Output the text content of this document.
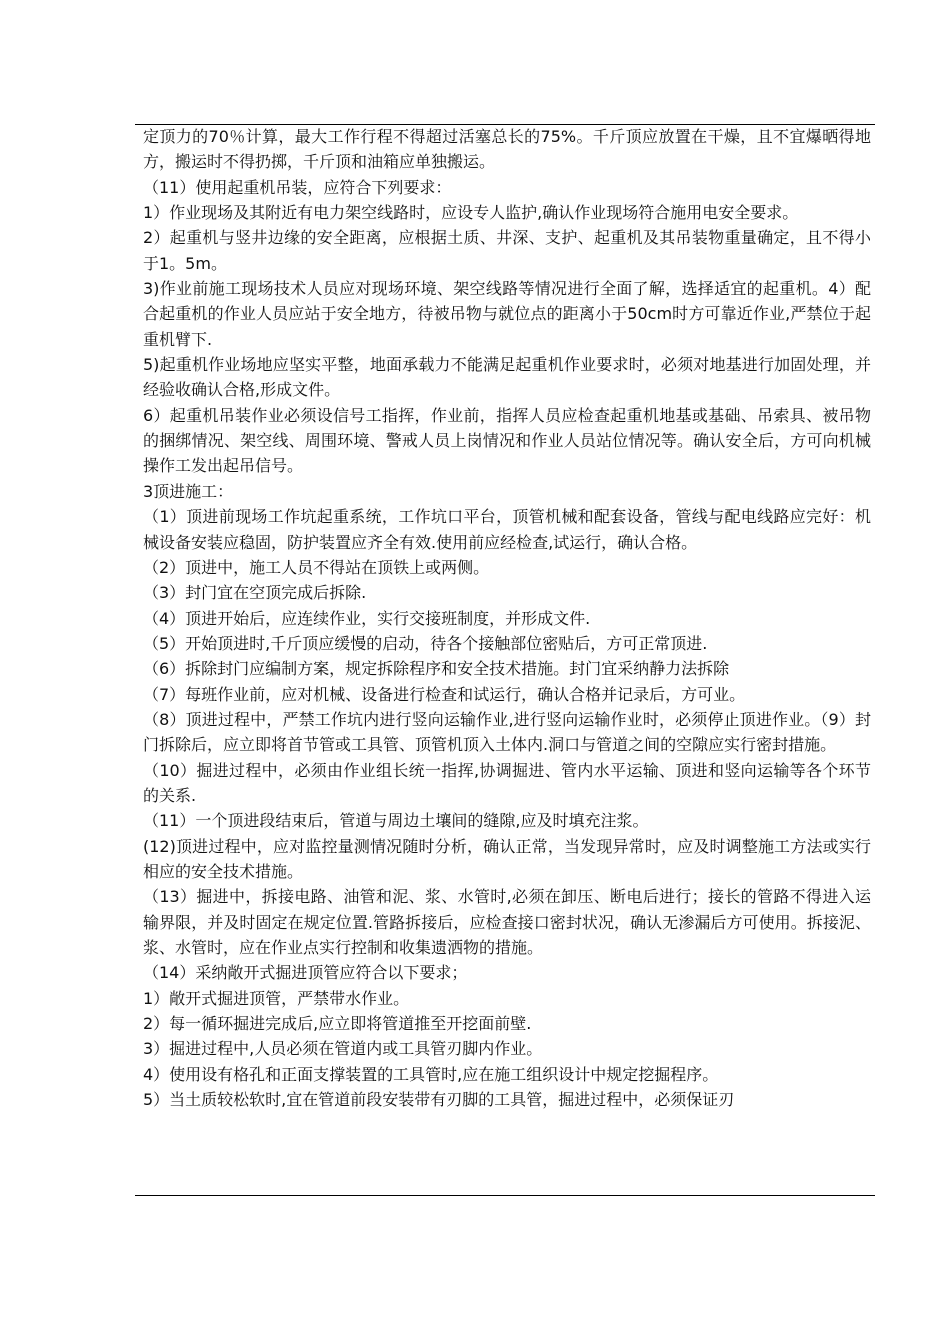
定顶力的70％计算，最大工作行程不得超过活塞总长的75%。千斤顶应放置在干燥，且不宜爆晒得地方，搬运时不得扔掷，千斤顶和油箱应单独搬运。

（11）使用起重机吊装，应符合下列要求：

1）作业现场及其附近有电力架空线路时，应设专人监护,确认作业现场符合施用电安全要求。

2）起重机与竖井边缘的安全距离，应根据土质、井深、支护、起重机及其吊装物重量确定，且不得小于1。5m。

3)作业前施工现场技术人员应对现场环境、架空线路等情况进行全面了解，选择适宜的起重机。4）配合起重机的作业人员应站于安全地方，待被吊物与就位点的距离小于50cm时方可靠近作业,严禁位于起重机臂下.

5)起重机作业场地应坚实平整，地面承载力不能满足起重机作业要求时，必须对地基进行加固处理，并经验收确认合格,形成文件。

6）起重机吊装作业必须设信号工指挥，作业前，指挥人员应检查起重机地基或基础、吊索具、被吊物的捆绑情况、架空线、周围环境、警戒人员上岗情况和作业人员站位情况等。确认安全后，方可向机械操作工发出起吊信号。

3顶进施工：

（1）顶进前现场工作坑起重系统，工作坑口平台，顶管机械和配套设备，管线与配电线路应完好：机械设备安装应稳固，防护装置应齐全有效.使用前应经检查,试运行，确认合格。

（2）顶进中，施工人员不得站在顶铁上或两侧。

（3）封门宜在空顶完成后拆除.

（4）顶进开始后，应连续作业，实行交接班制度，并形成文件.

（5）开始顶进时,千斤顶应缓慢的启动，待各个接触部位密贴后，方可正常顶进.

（6）拆除封门应编制方案，规定拆除程序和安全技术措施。封门宜采纳静力法拆除

（7）每班作业前，应对机械、设备进行检查和试运行，确认合格并记录后，方可业。

（8）顶进过程中，严禁工作坑内进行竖向运输作业,进行竖向运输作业时，必须停止顶进作业。（9）封门拆除后，应立即将首节管或工具管、顶管机顶入土体内.洞口与管道之间的空隙应实行密封措施。

（10）掘进过程中，必须由作业组长统一指挥,协调掘进、管内水平运输、顶进和竖向运输等各个环节的关系.

（11）一个顶进段结束后，管道与周边土壤间的缝隙,应及时填充注浆。

(12)顶进过程中，应对监控量测情况随时分析，确认正常，当发现异常时，应及时调整施工方法或实行相应的安全技术措施。

（13）掘进中，拆接电路、油管和泥、浆、水管时,必须在卸压、断电后进行；接长的管路不得进入运输界限，并及时固定在规定位置.管路拆接后，应检查接口密封状况，确认无渗漏后方可使用。拆接泥、浆、水管时，应在作业点实行控制和收集遗洒物的措施。

（14）采纳敞开式掘进顶管应符合以下要求；

1）敞开式掘进顶管，严禁带水作业。

2）每一循环掘进完成后,应立即将管道推至开挖面前壁.

3）掘进过程中,人员必须在管道内或工具管刃脚内作业。

4）使用设有格孔和正面支撑装置的工具管时,应在施工组织设计中规定挖掘程序。

5）当土质较松软时,宜在管道前段安装带有刃脚的工具管，掘进过程中，必须保证刃
